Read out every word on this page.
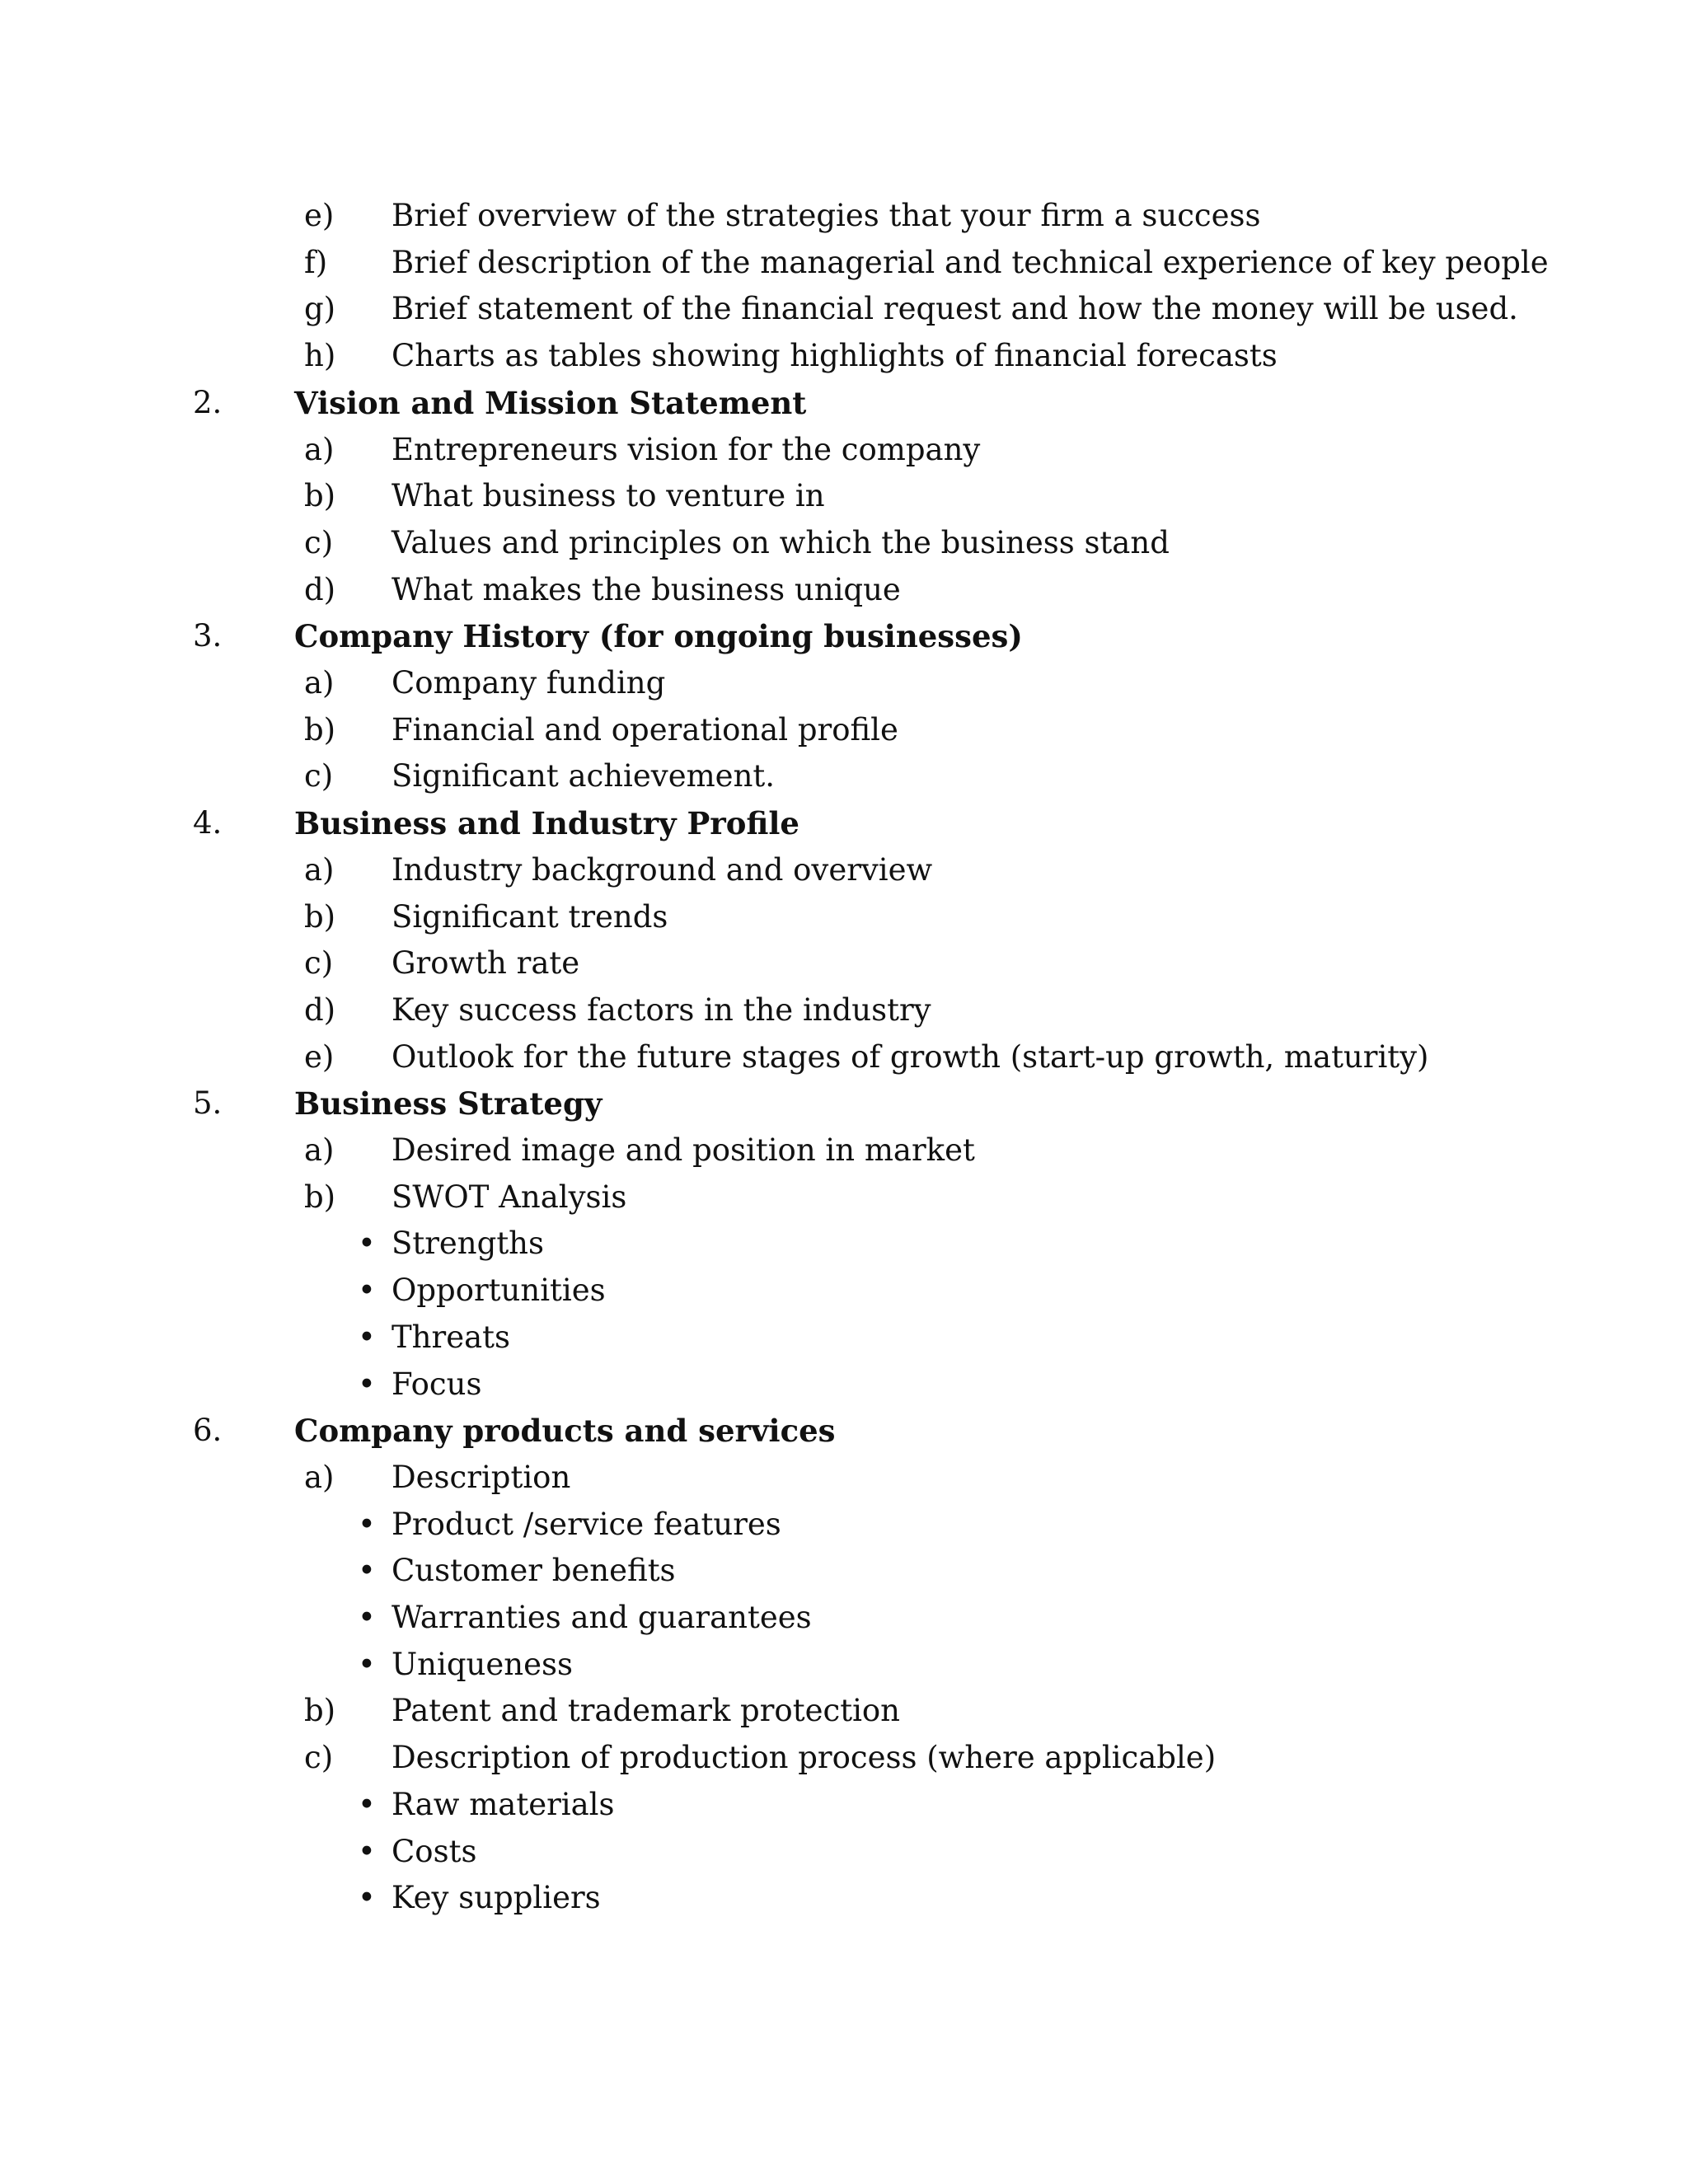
e)	Brief overview of the strategies that your firm a success
f)	Brief description of the managerial and technical experience of key people
g)	Brief statement of the financial request and how the money will be used.
h)	Charts as tables showing highlights of financial forecasts
2.	Vision and Mission Statement
a)	Entrepreneurs vision for the company
b)	What business to venture in
c)	Values and principles on which the business stand
d)	What makes the business unique
3.	Company History (for ongoing businesses)
a)	Company funding
b)	Financial and operational profile
c)	Significant achievement.
4.	Business and Industry Profile
a)	Industry background and overview
b)	Significant trends
c)	Growth rate
d)	Key success factors in the industry
e)	Outlook for the future stages of growth (start-up growth, maturity)
5.	Business Strategy
a)	Desired image and position in market
b)	SWOT Analysis
• Strengths
• Opportunities
• Threats
• Focus
6.	Company products and services
a)	Description
• Product /service features
• Customer benefits
• Warranties and guarantees
• Uniqueness
b)	Patent and trademark protection
c)	Description of production process (where applicable)
• Raw materials
• Costs
• Key suppliers
